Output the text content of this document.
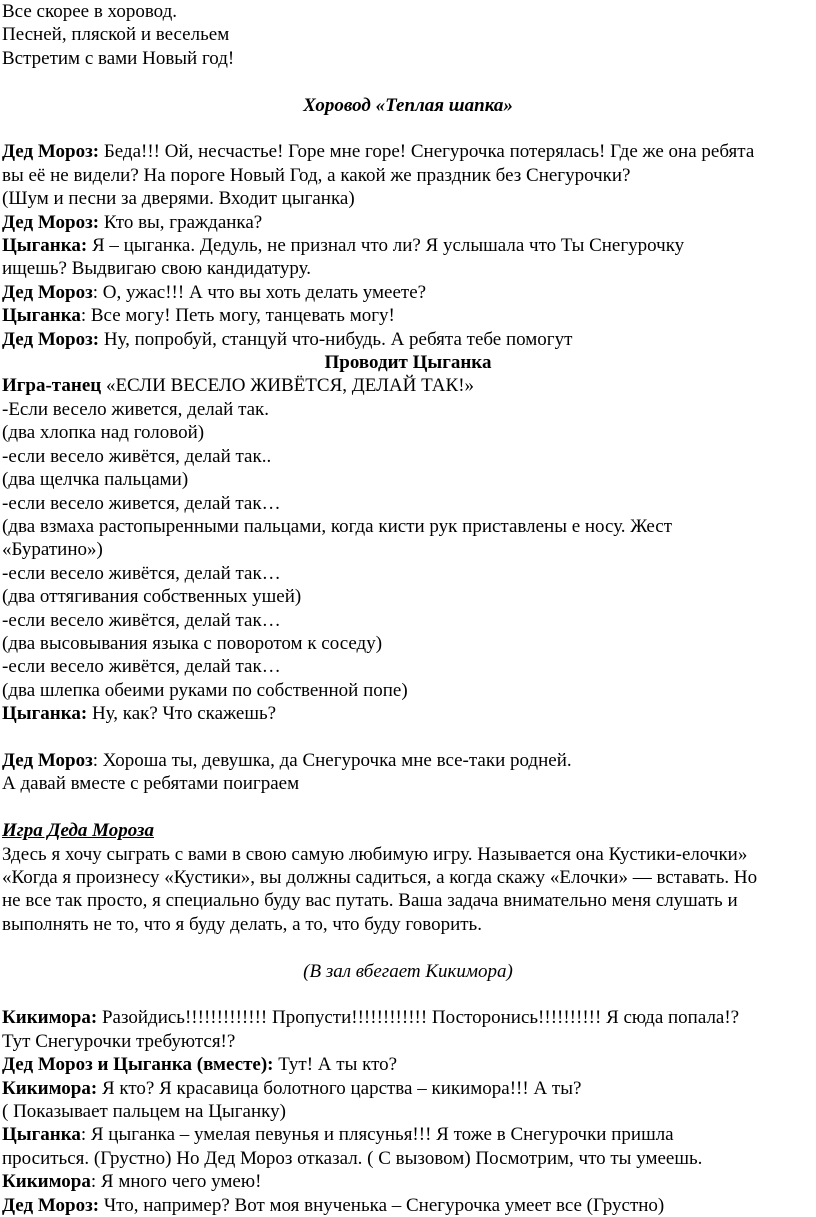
Все скорее в хоровод.
Песней, пляской и весельем
Встретим с вами Новый год!
Хоровод «Теплая шапка»
Дед Мороз: Беда!!! Ой, несчастье! Горе мне горе! Снегурочка потерялась! Где же она ребята
вы её не видели? На пороге Новый Год, а какой же праздник без Снегурочки?
(Шум и песни за дверями. Входит цыганка)
Дед Мороз: Кто вы, гражданка?
Цыганка: Я – цыганка. Дедуль, не признал что ли? Я услышала что Ты Снегурочку
ищешь? Выдвигаю свою кандидатуру.
Дед Мороз: О, ужас!!! А что вы хоть делать умеете?
Цыганка: Все могу! Петь могу, танцевать могу!
Дед Мороз: Ну, попробуй, станцуй что-нибудь. А ребята тебе помогут
Проводит Цыганка
Игра-танец «ЕСЛИ ВЕСЕЛО ЖИВЁТСЯ, ДЕЛАЙ ТАК!»
-Если весело живется, делай так.
(два хлопка над головой)
-если весело живётся, делай так..
(два щелчка пальцами)
-если весело живется, делай так…
(два взмаха растопыренными пальцами, когда кисти рук приставлены е носу. Жест
«Буратино»)
-если весело живётся, делай так…
(два оттягивания собственных ушей)
-если весело живётся, делай так…
(два высовывания языка с поворотом к соседу)
-если весело живётся, делай так…
(два шлепка обеими руками по собственной попе)
Цыганка: Ну, как? Что скажешь?
Дед Мороз: Хороша ты, девушка, да Снегурочка мне все-таки родней.
А давай вместе с ребятами поиграем
Игра Деда Мороза
Здесь я хочу сыграть с вами в свою самую любимую игру. Называется она Кустики-елочки»
«Когда я произнесу «Кустики», вы должны садиться, а когда скажу «Елочки» — вставать. Но
не все так просто, я специально буду вас путать. Ваша задача внимательно меня слушать и
выполнять не то, что я буду делать, а то, что буду говорить.
(В зал вбегает Кикимора)
Кикимора: Разойдись!!!!!!!!!!!!! Пропусти!!!!!!!!!!!! Посторонись!!!!!!!!!! Я сюда попала!?
Тут Снегурочки требуются!?
Дед Мороз и Цыганка (вместе): Тут! А ты кто?
Кикимора: Я кто? Я красавица болотного царства – кикимора!!! А ты?
( Показывает пальцем на Цыганку)
Цыганка: Я цыганка – умелая певунья и плясунья!!! Я тоже в Снегурочки пришла
проситься. (Грустно) Но Дед Мороз отказал. ( С вызовом) Посмотрим, что ты умеешь.
Кикимора: Я много чего умею!
Дед Мороз: Что, например? Вот моя внученька – Снегурочка умеет все (Грустно)
